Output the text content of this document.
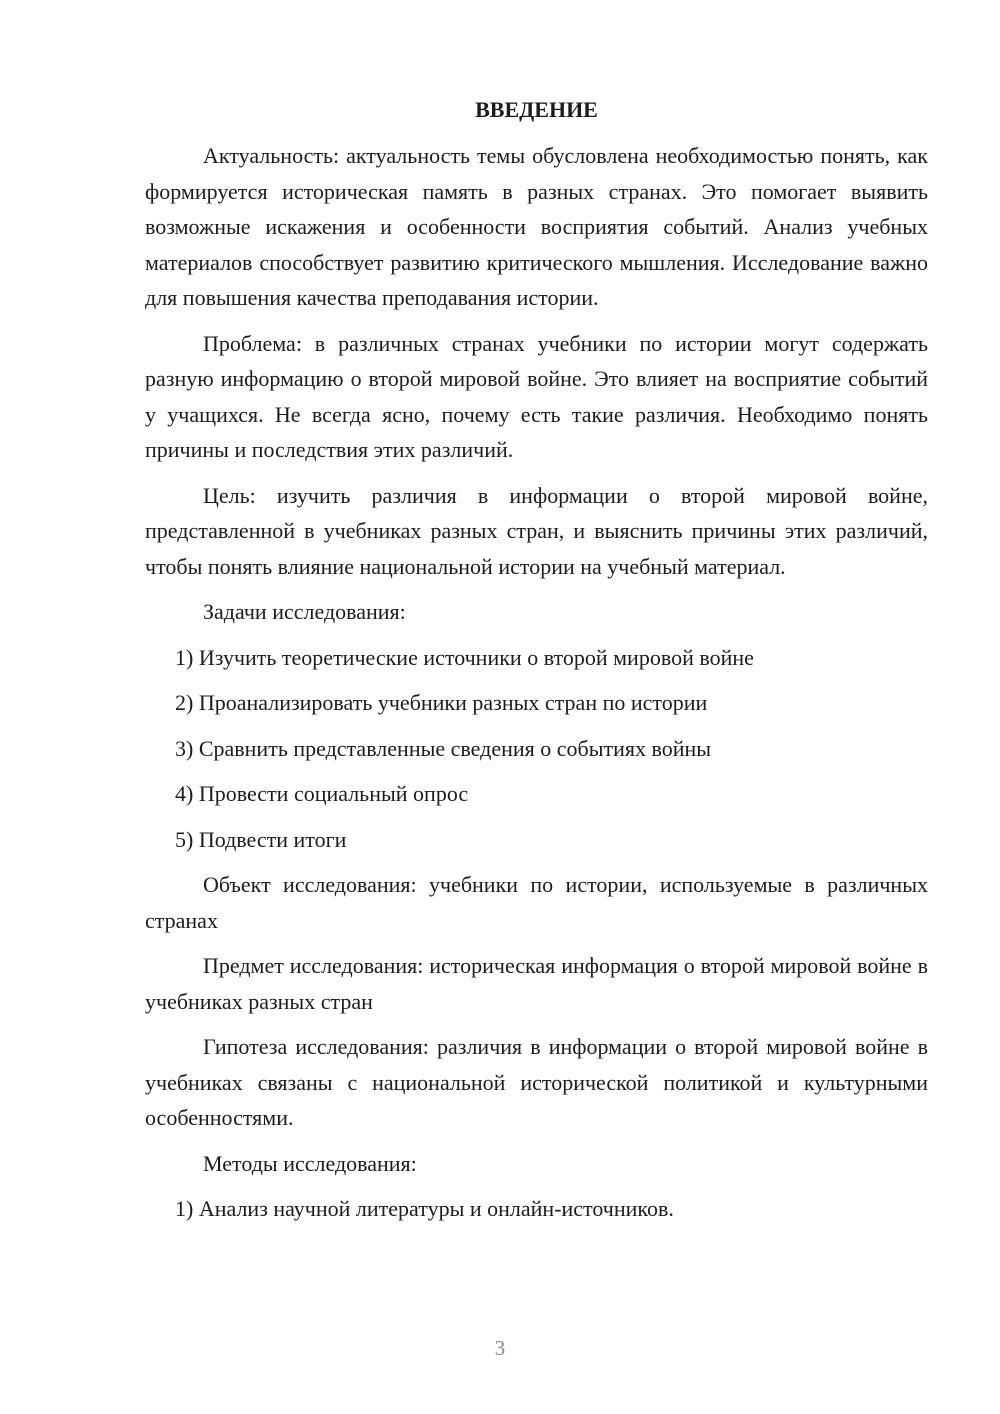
ВВЕДЕНИЕ

Актуальность: актуальность темы обусловлена необходимостью понять, как формируется историческая память в разных странах. Это помогает выявить возможные искажения и особенности восприятия событий. Анализ учебных материалов способствует развитию критического мышления. Исследование важно для повышения качества преподавания истории.

Проблема: в различных странах учебники по истории могут содержать разную информацию о второй мировой войне. Это влияет на восприятие событий у учащихся. Не всегда ясно, почему есть такие различия. Необходимо понять причины и последствия этих различий.

Цель: изучить различия в информации о второй мировой войне, представленной в учебниках разных стран, и выяснить причины этих различий, чтобы понять влияние национальной истории на учебный материал.

Задачи исследования:

1) Изучить теоретические источники о второй мировой войне

2) Проанализировать учебники разных стран по истории

3) Сравнить представленные сведения о событиях войны

4) Провести социальный опрос

5) Подвести итоги

Объект исследования: учебники по истории, используемые в различных странах

Предмет исследования: историческая информация о второй мировой войне в учебниках разных стран

Гипотеза исследования: различия в информации о второй мировой войне в учебниках связаны с национальной исторической политикой и культурными особенностями.

Методы исследования:

1) Анализ научной литературы и онлайн-источников.

3
